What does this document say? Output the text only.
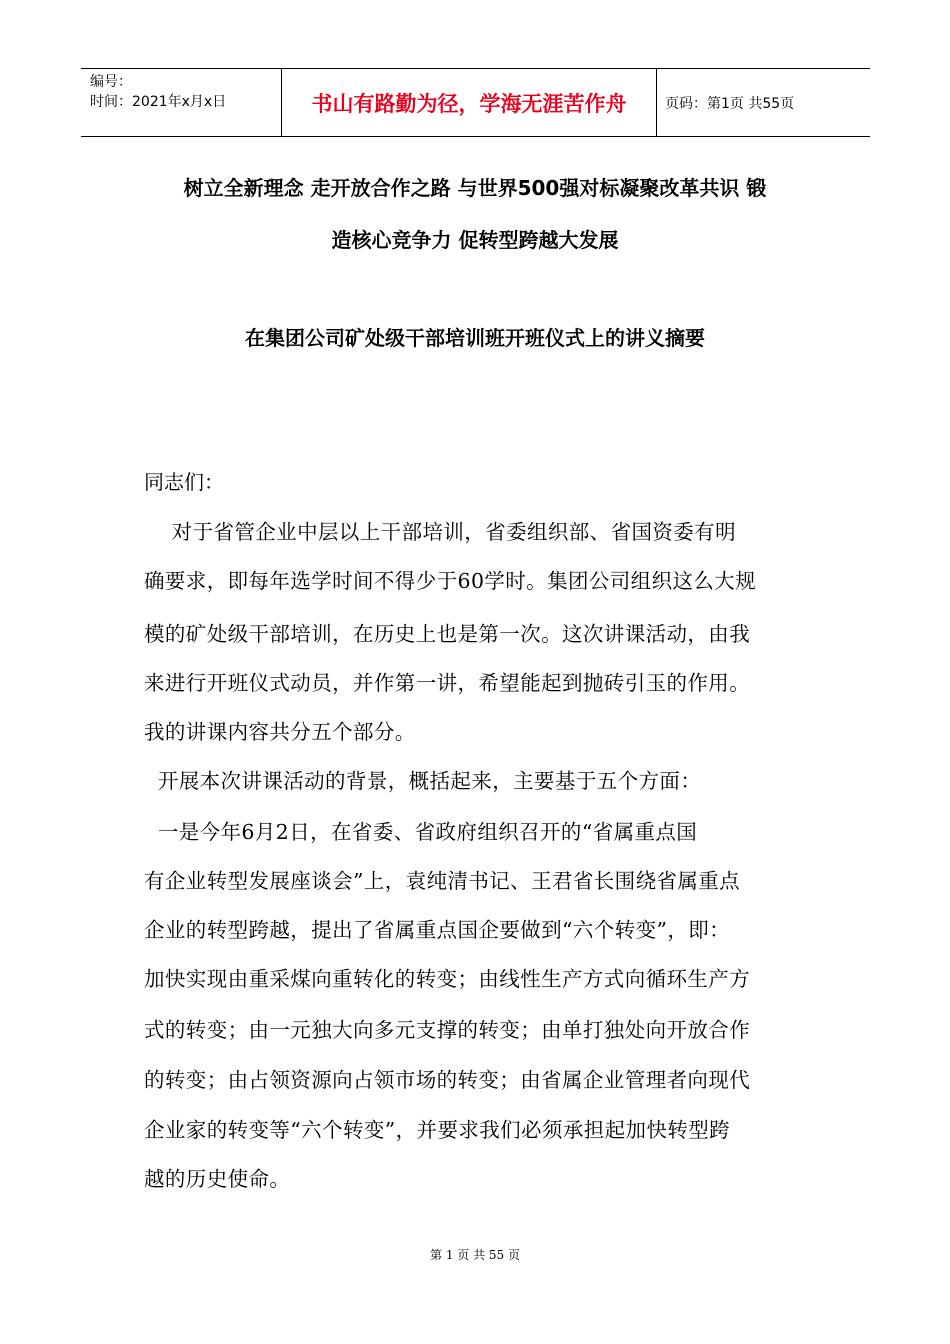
编号：
时间：2021年x月x日	书山有路勤为径，学海无涯苦作舟	页码：第1页 共55页
树立全新理念 走开放合作之路 与世界500强对标凝聚改革共识 锻
造核心竞争力 促转型跨越大发展
在集团公司矿处级干部培训班开班仪式上的讲义摘要
同志们：
对于省管企业中层以上干部培训，省委组织部、省国资委有明
确要求，即每年选学时间不得少于60学时。集团公司组织这么大规
模的矿处级干部培训，在历史上也是第一次。这次讲课活动，由我
来进行开班仪式动员，并作第一讲，希望能起到抛砖引玉的作用。
我的讲课内容共分五个部分。
开展本次讲课活动的背景，概括起来，主要基于五个方面：
一是今年6月2日，在省委、省政府组织召开的“省属重点国
有企业转型发展座谈会”上，袁纯清书记、王君省长围绕省属重点
企业的转型跨越，提出了省属重点国企要做到“六个转变”，即：
加快实现由重采煤向重转化的转变；由线性生产方式向循环生产方
式的转变；由一元独大向多元支撑的转变；由单打独处向开放合作
的转变；由占领资源向占领市场的转变；由省属企业管理者向现代
企业家的转变等“六个转变”，并要求我们必须承担起加快转型跨
越的历史使命。
第 1 页 共 55 页
